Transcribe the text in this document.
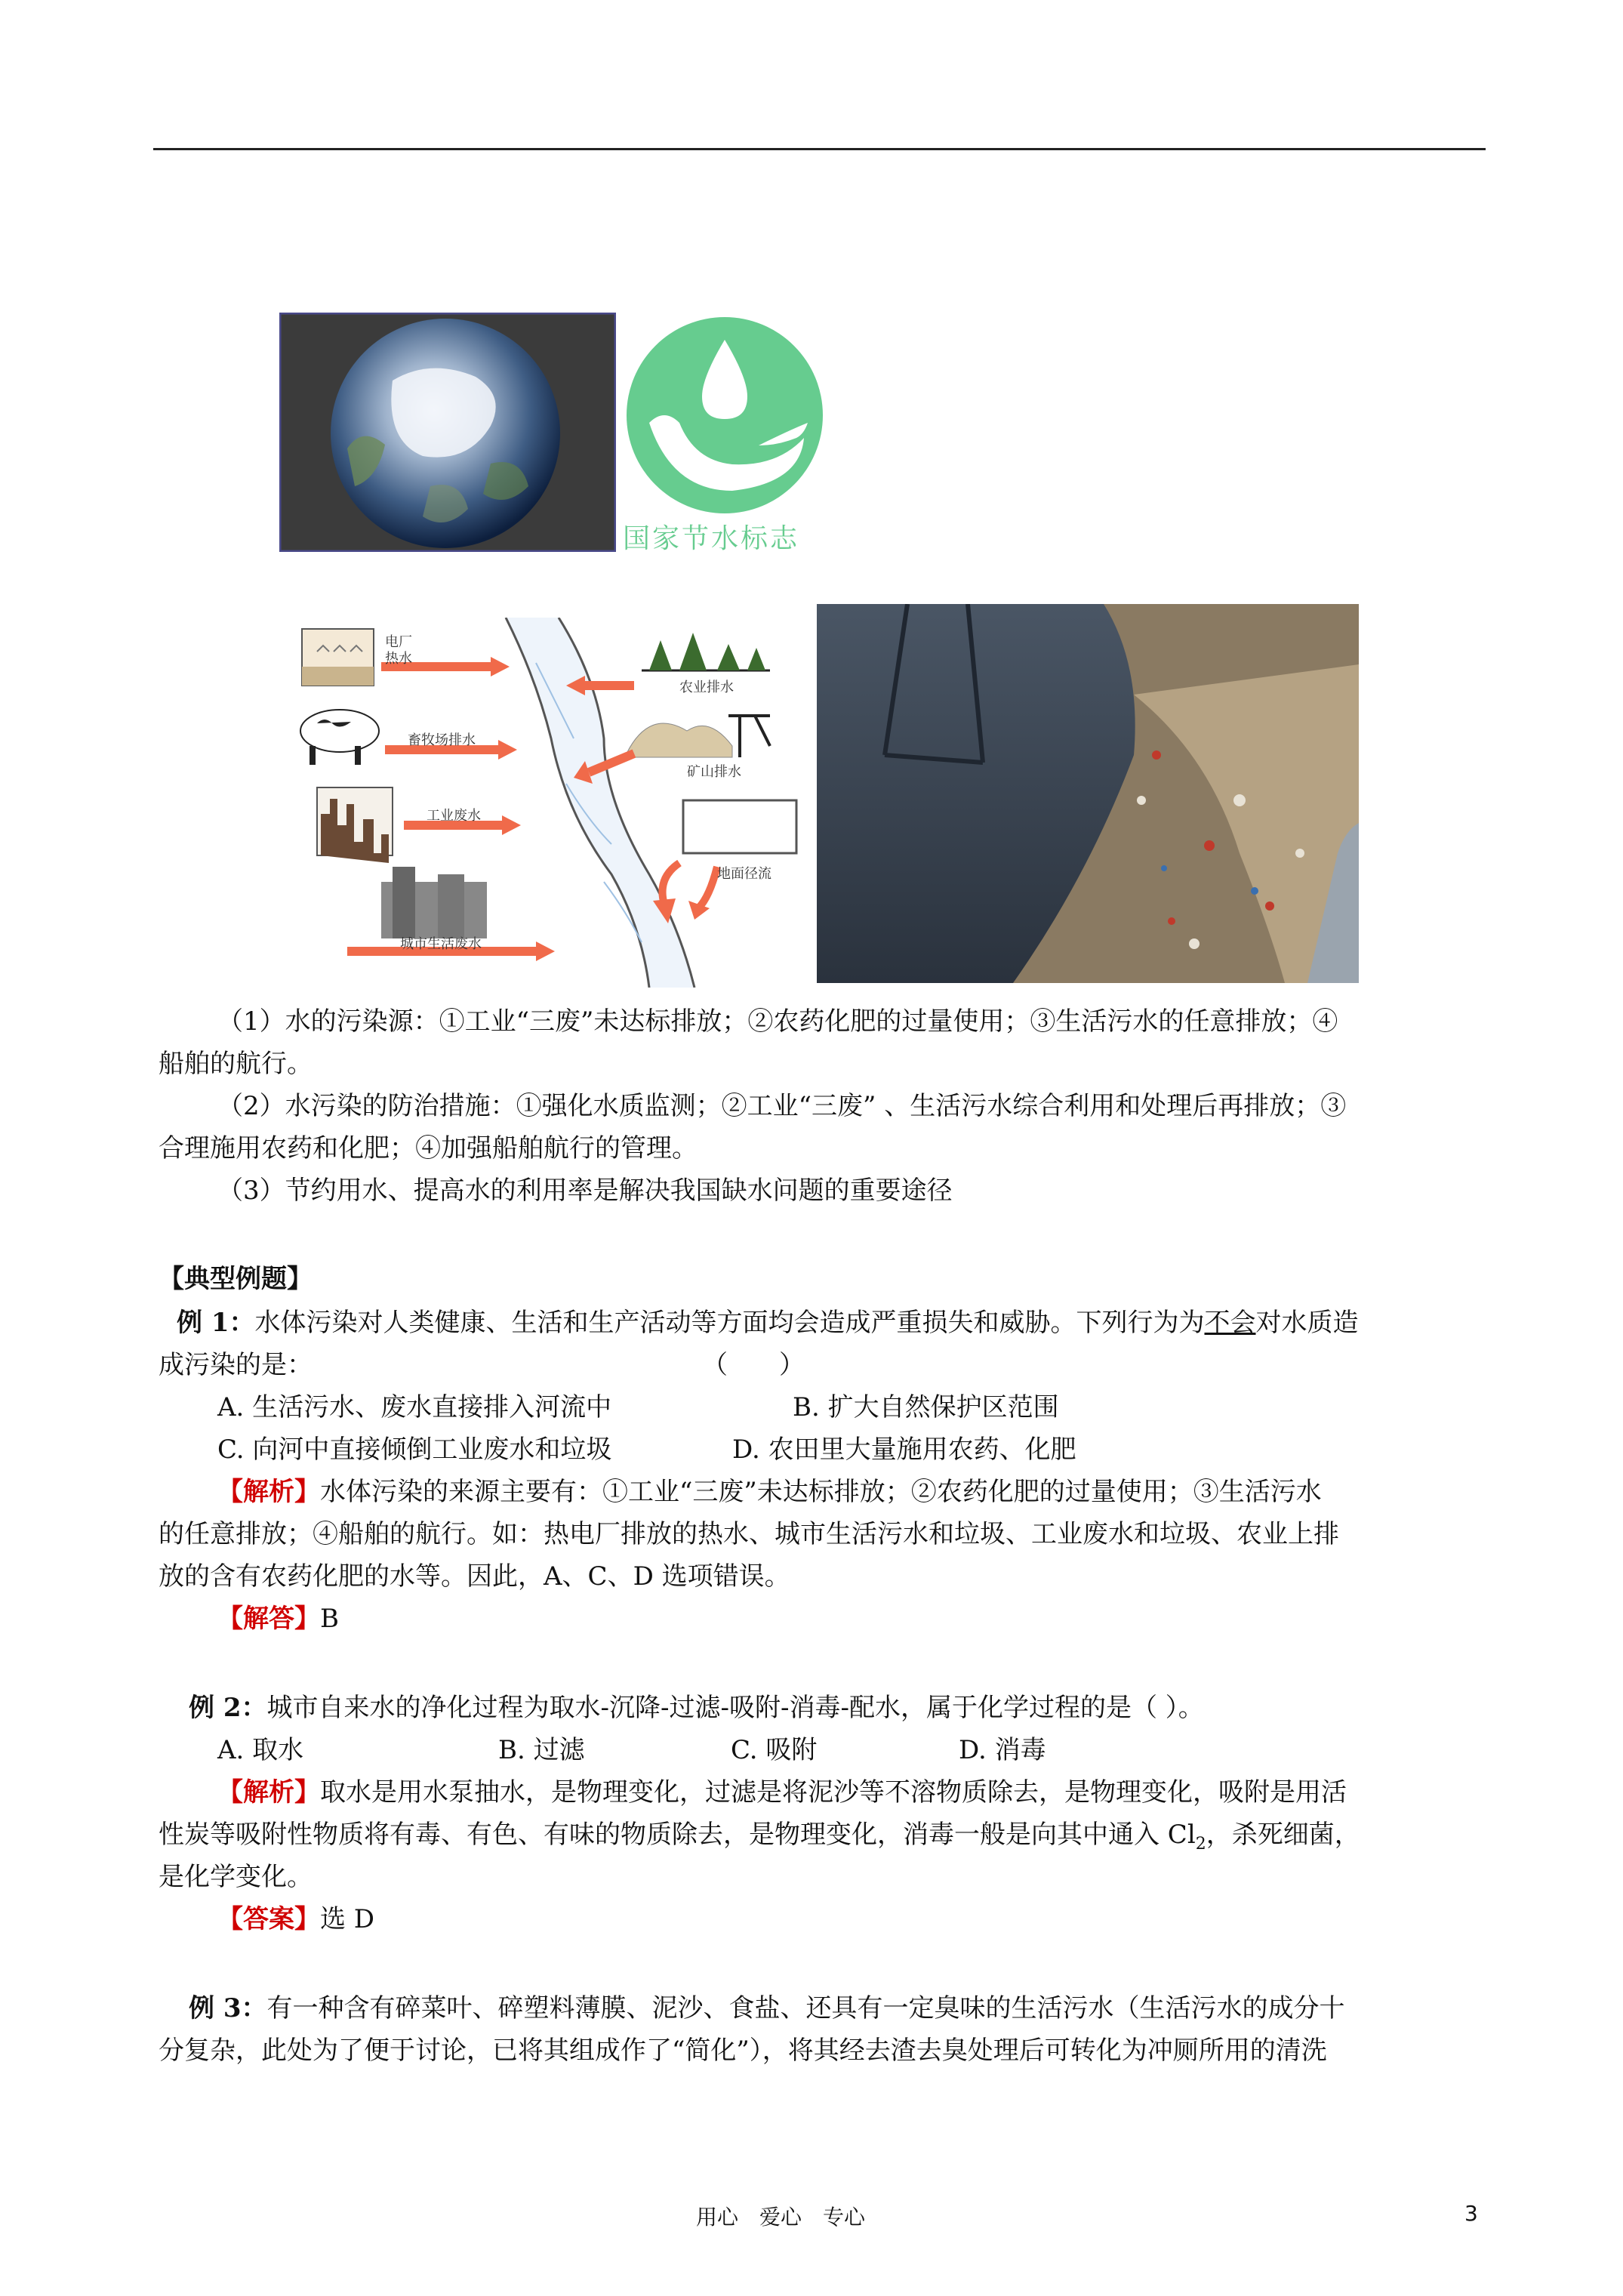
国家节水标志
电厂热水
畜牧场排水
工业废水
城市生活废水
农业排水
矿山排水
地面径流
（1）水的污染源：①工业“三废”未达标排放；②农药化肥的过量使用；③生活污水的任意排放；④
船舶的航行。
（2）水污染的防治措施：①强化水质监测；②工业“三废” 、生活污水综合利用和处理后再排放；③
合理施用农药和化肥；④加强船舶航行的管理。
（3）节约用水、提高水的利用率是解决我国缺水问题的重要途径
【典型例题】
例 1：水体污染对人类健康、生活和生产活动等方面均会造成严重损失和威胁。下列行为为不会对水质造
成污染的是：	（　　）
A. 生活污水、废水直接排入河流中	B. 扩大自然保护区范围
C. 向河中直接倾倒工业废水和垃圾	D. 农田里大量施用农药、化肥
【解析】水体污染的来源主要有：①工业“三废”未达标排放；②农药化肥的过量使用；③生活污水
的任意排放；④船舶的航行。如：热电厂排放的热水、城市生活污水和垃圾、工业废水和垃圾、农业上排
放的含有农药化肥的水等。因此，A、C、D 选项错误。
【解答】B
例 2：城市自来水的净化过程为取水-沉降-过滤-吸附-消毒-配水，属于化学过程的是（ ）。
A. 取水	B. 过滤	C. 吸附	D. 消毒
【解析】取水是用水泵抽水，是物理变化，过滤是将泥沙等不溶物质除去，是物理变化，吸附是用活
性炭等吸附性物质将有毒、有色、有味的物质除去，是物理变化，消毒一般是向其中通入 $Cl_2$，杀死细菌，
是化学变化。
【答案】选 D
例 3：有一种含有碎菜叶、碎塑料薄膜、泥沙、食盐、还具有一定臭味的生活污水（生活污水的成分十
分复杂，此处为了便于讨论，已将其组成作了“简化”），将其经去渣去臭处理后可转化为冲厕所用的清洗
用心　爱心　专心	3
